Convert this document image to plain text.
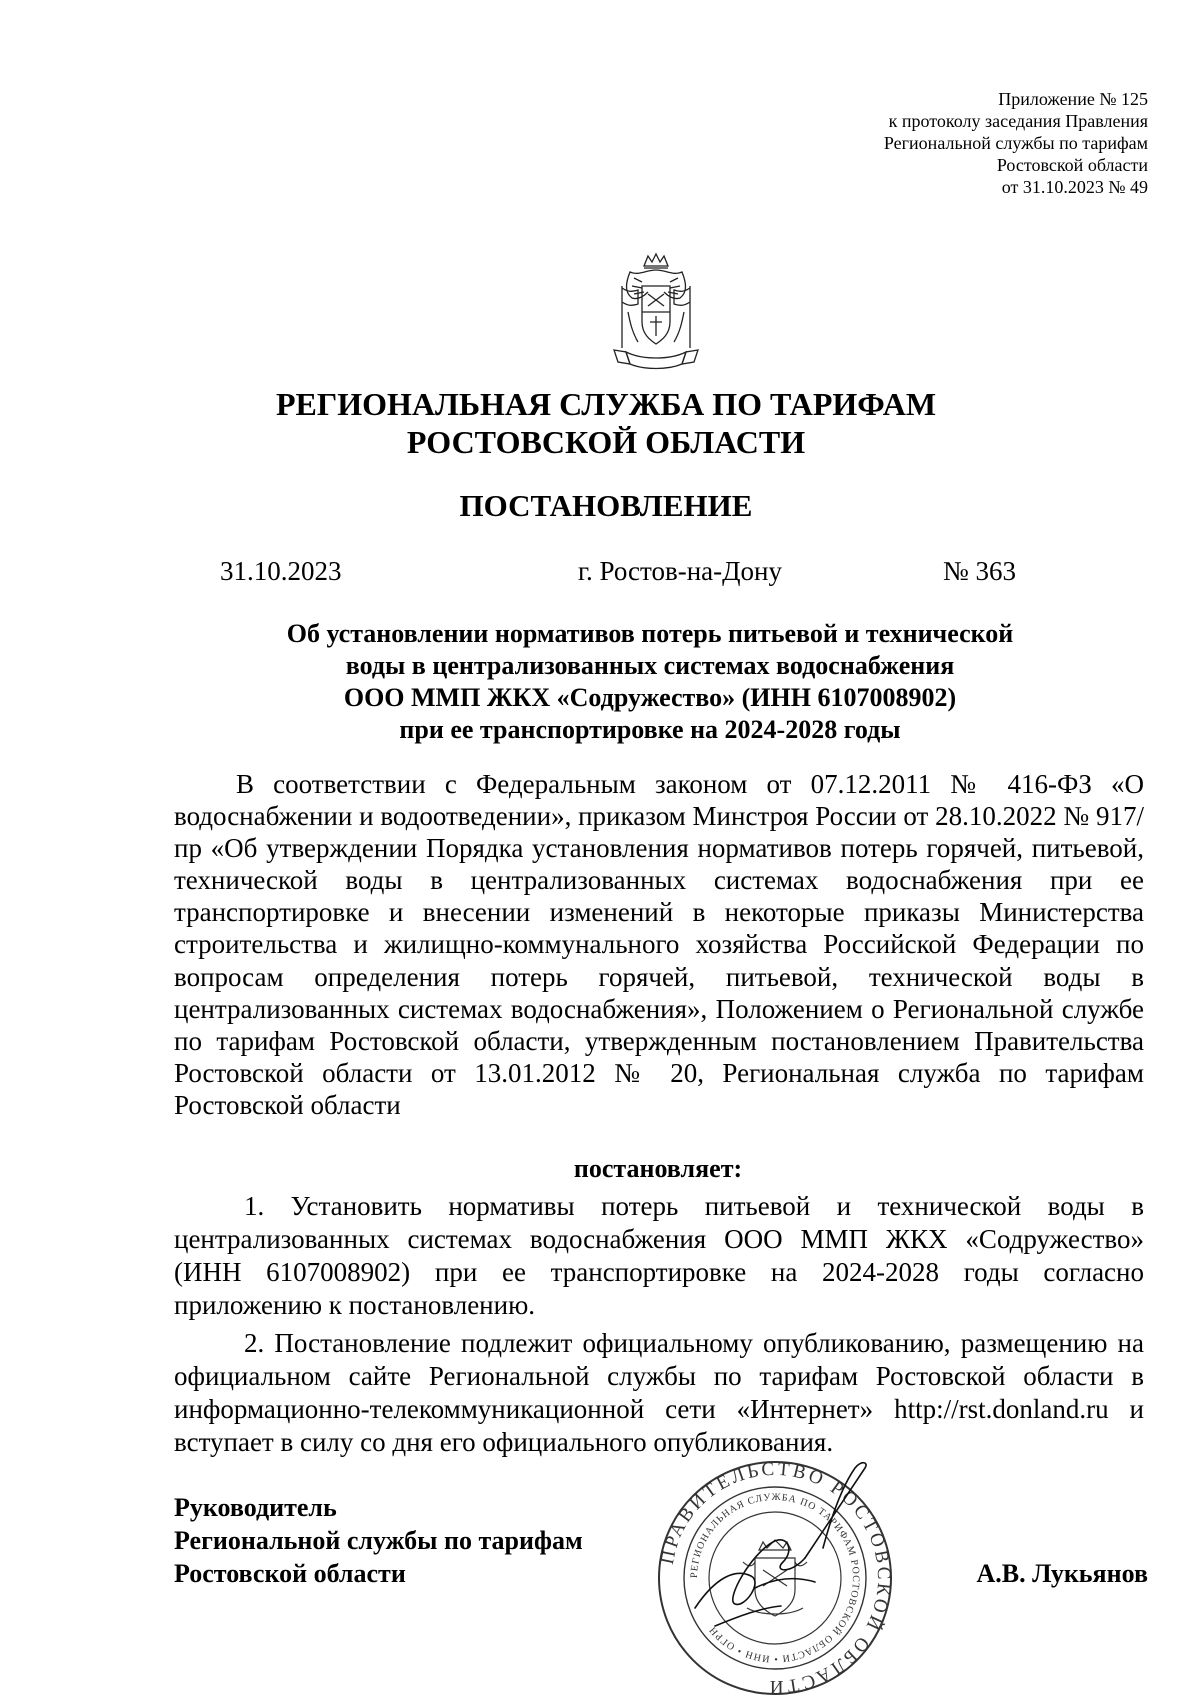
Приложение № 125
к протоколу заседания Правления
Региональной службы по тарифам
Ростовской области
от 31.10.2023 № 49
РЕГИОНАЛЬНАЯ СЛУЖБА ПО ТАРИФАМ
РОСТОВСКОЙ ОБЛАСТИ
ПОСТАНОВЛЕНИЕ
31.10.2023	г. Ростов-на-Дону	№ 363
Об установлении нормативов потерь питьевой и технической
воды в централизованных системах водоснабжения
ООО ММП ЖКХ «Содружество» (ИНН 6107008902)
при ее транспортировке на 2024-2028 годы

В соответствии с Федеральным законом от 07.12.2011 № 416-ФЗ «О водоснабжении и водоотведении», приказом Минстроя России от 28.10.2022 № 917/пр «Об утверждении Порядка установления нормативов потерь горячей, питьевой, технической воды в централизованных системах водоснабжения при ее транспортировке и внесении изменений в некоторые приказы Министерства строительства и жилищно-коммунального хозяйства Российской Федерации по вопросам определения потерь горячей, питьевой, технической воды в централизованных системах водоснабжения», Положением о Региональной службе по тарифам Ростовской области, утвержденным постановлением Правительства Ростовской области от 13.01.2012 № 20, Региональная служба по тарифам Ростовской области

постановляет:

1. Установить нормативы потерь питьевой и технической воды в централизованных системах водоснабжения ООО ММП ЖКХ «Содружество» (ИНН 6107008902) при ее транспортировке на 2024-2028 годы согласно приложению к постановлению.

2. Постановление подлежит официальному опубликованию, размещению на официальном сайте Региональной службы по тарифам Ростовской области в информационно-телекоммуникационной сети «Интернет» http://rst.donland.ru и вступает в силу со дня его официального опубликования.

Руководитель
Региональной службы по тарифам
Ростовской области
ПРАВИТЕЛЬСТВО РОСТОВСКОЙ ОБЛАСТИ
РЕГИОНАЛЬНАЯ СЛУЖБА ПО ТАРИФАМ РОСТОВСКОЙ ОБЛАСТИ • ИНН • ОГРН
А.В. Лукьянов
